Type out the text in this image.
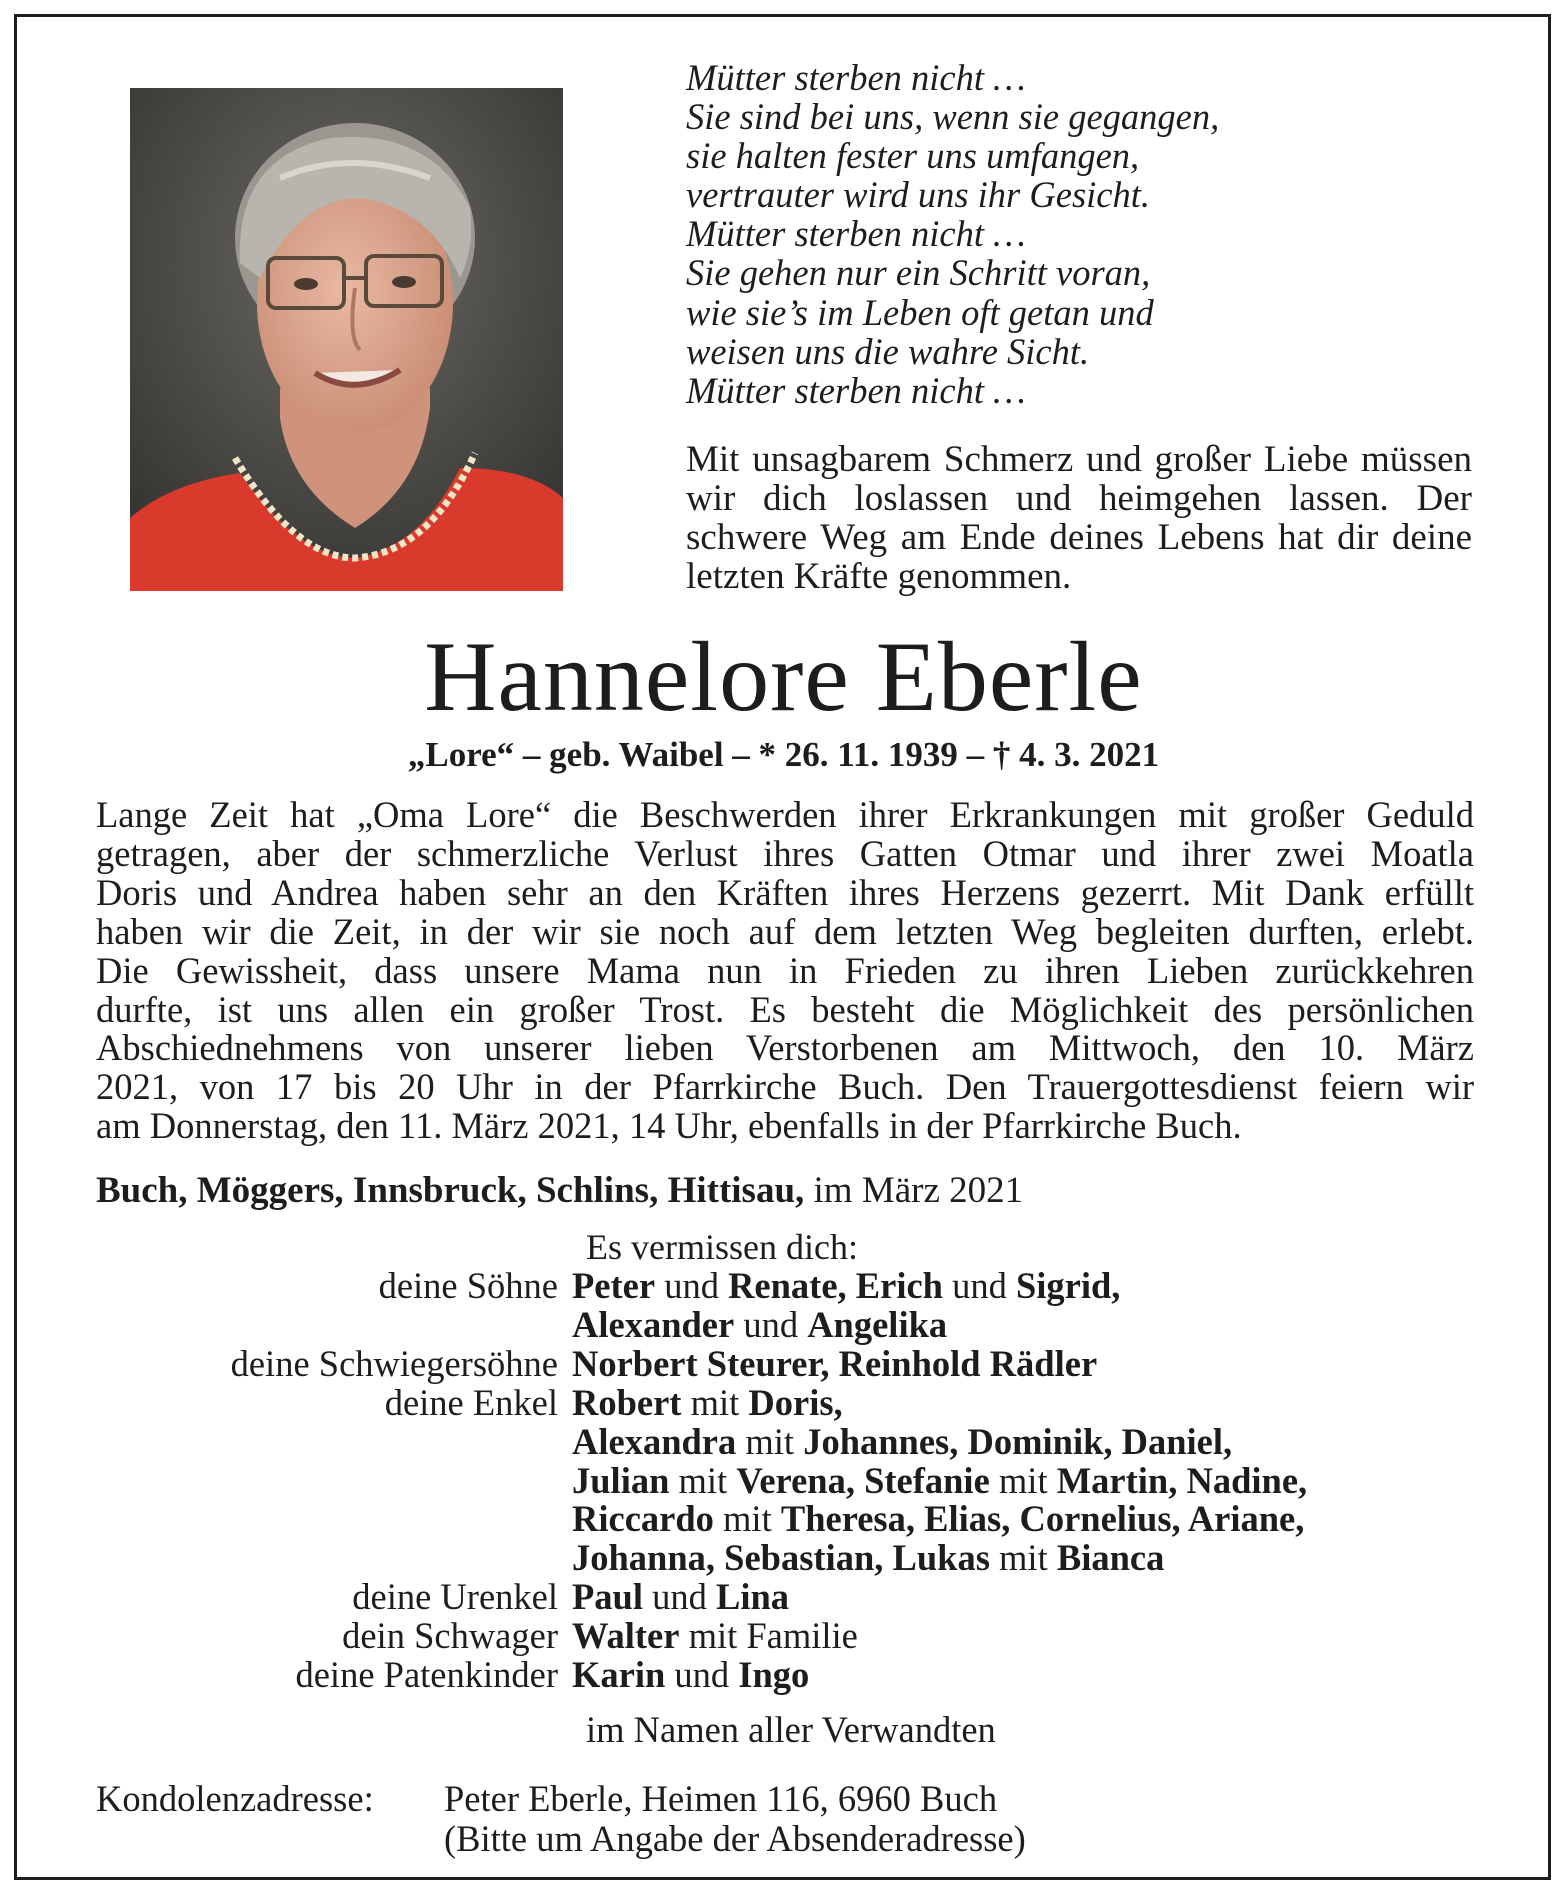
Mütter sterben nicht …
Sie sind bei uns, wenn sie gegangen,
sie halten fester uns umfangen,
vertrauter wird uns ihr Gesicht.
Mütter sterben nicht …
Sie gehen nur ein Schritt voran,
wie sie’s im Leben oft getan und
weisen uns die wahre Sicht.
Mütter sterben nicht …
Mit unsagbarem Schmerz und großer Liebe müssen wir dich loslassen und heimgehen lassen. Der schwere Weg am Ende deines Lebens hat dir deine letzten Kräfte genommen.
Hannelore Eberle
„Lore“ – geb. Waibel – * 26. 11. 1939 – † 4. 3. 2021
Lange Zeit hat „Oma Lore“ die Beschwerden ihrer Erkrankungen mit großer Geduld
getragen, aber der schmerzliche Verlust ihres Gatten Otmar und ihrer zwei Moatla
Doris und Andrea haben sehr an den Kräften ihres Herzens gezerrt. Mit Dank erfüllt
haben wir die Zeit, in der wir sie noch auf dem letzten Weg begleiten durften, erlebt.
Die Gewissheit, dass unsere Mama nun in Frieden zu ihren Lieben zurückkehren
durfte, ist uns allen ein großer Trost. Es besteht die Möglichkeit des persönlichen
Abschiednehmens von unserer lieben Verstorbenen am Mittwoch, den 10. März
2021, von 17 bis 20 Uhr in der Pfarrkirche Buch. Den Trauergottesdienst feiern wir
am Donnerstag, den 11. März 2021, 14 Uhr, ebenfalls in der Pfarrkirche Buch.
Buch, Möggers, Innsbruck, Schlins, Hittisau, im März 2021
Es vermissen dich:
deine Söhne Peter und Renate, Erich und Sigrid,
Alexander und Angelika
deine Schwiegersöhne Norbert Steurer, Reinhold Rädler
deine Enkel Robert mit Doris,
Alexandra mit Johannes, Dominik, Daniel,
Julian mit Verena, Stefanie mit Martin, Nadine,
Riccardo mit Theresa, Elias, Cornelius, Ariane,
Johanna, Sebastian, Lukas mit Bianca
deine Urenkel Paul und Lina
dein Schwager Walter mit Familie
deine Patenkinder Karin und Ingo
im Namen aller Verwandten
Kondolenzadresse: Peter Eberle, Heimen 116, 6960 Buch
(Bitte um Angabe der Absenderadresse)
